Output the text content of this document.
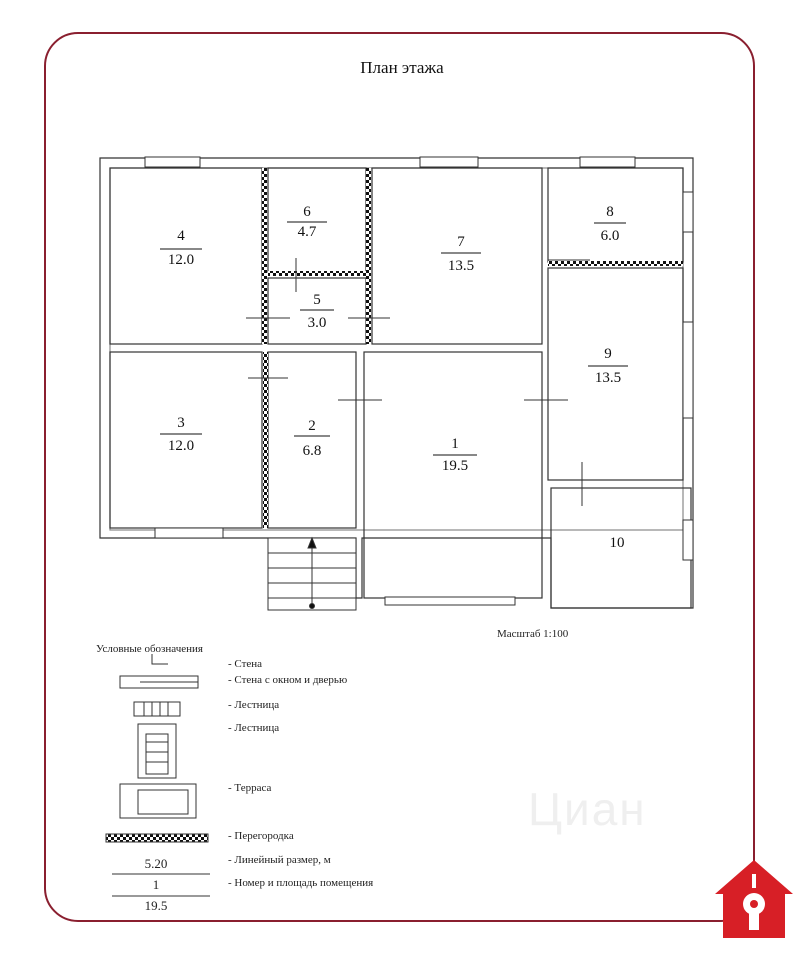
План этажа
Циан
4
12.0
6
4.7
5
3.0
7
13.5
8
6.0
9
13.5
3
12.0
2
6.8	1
19.5
10
Масштаб 1:100
Условные обозначения
- Стена
- Стена с окном и дверью
- Лестница
- Лестница
- Терраса
- Перегородка
- Линейный размер, м
- Номер и площадь помещения
5.20
1
19.5
